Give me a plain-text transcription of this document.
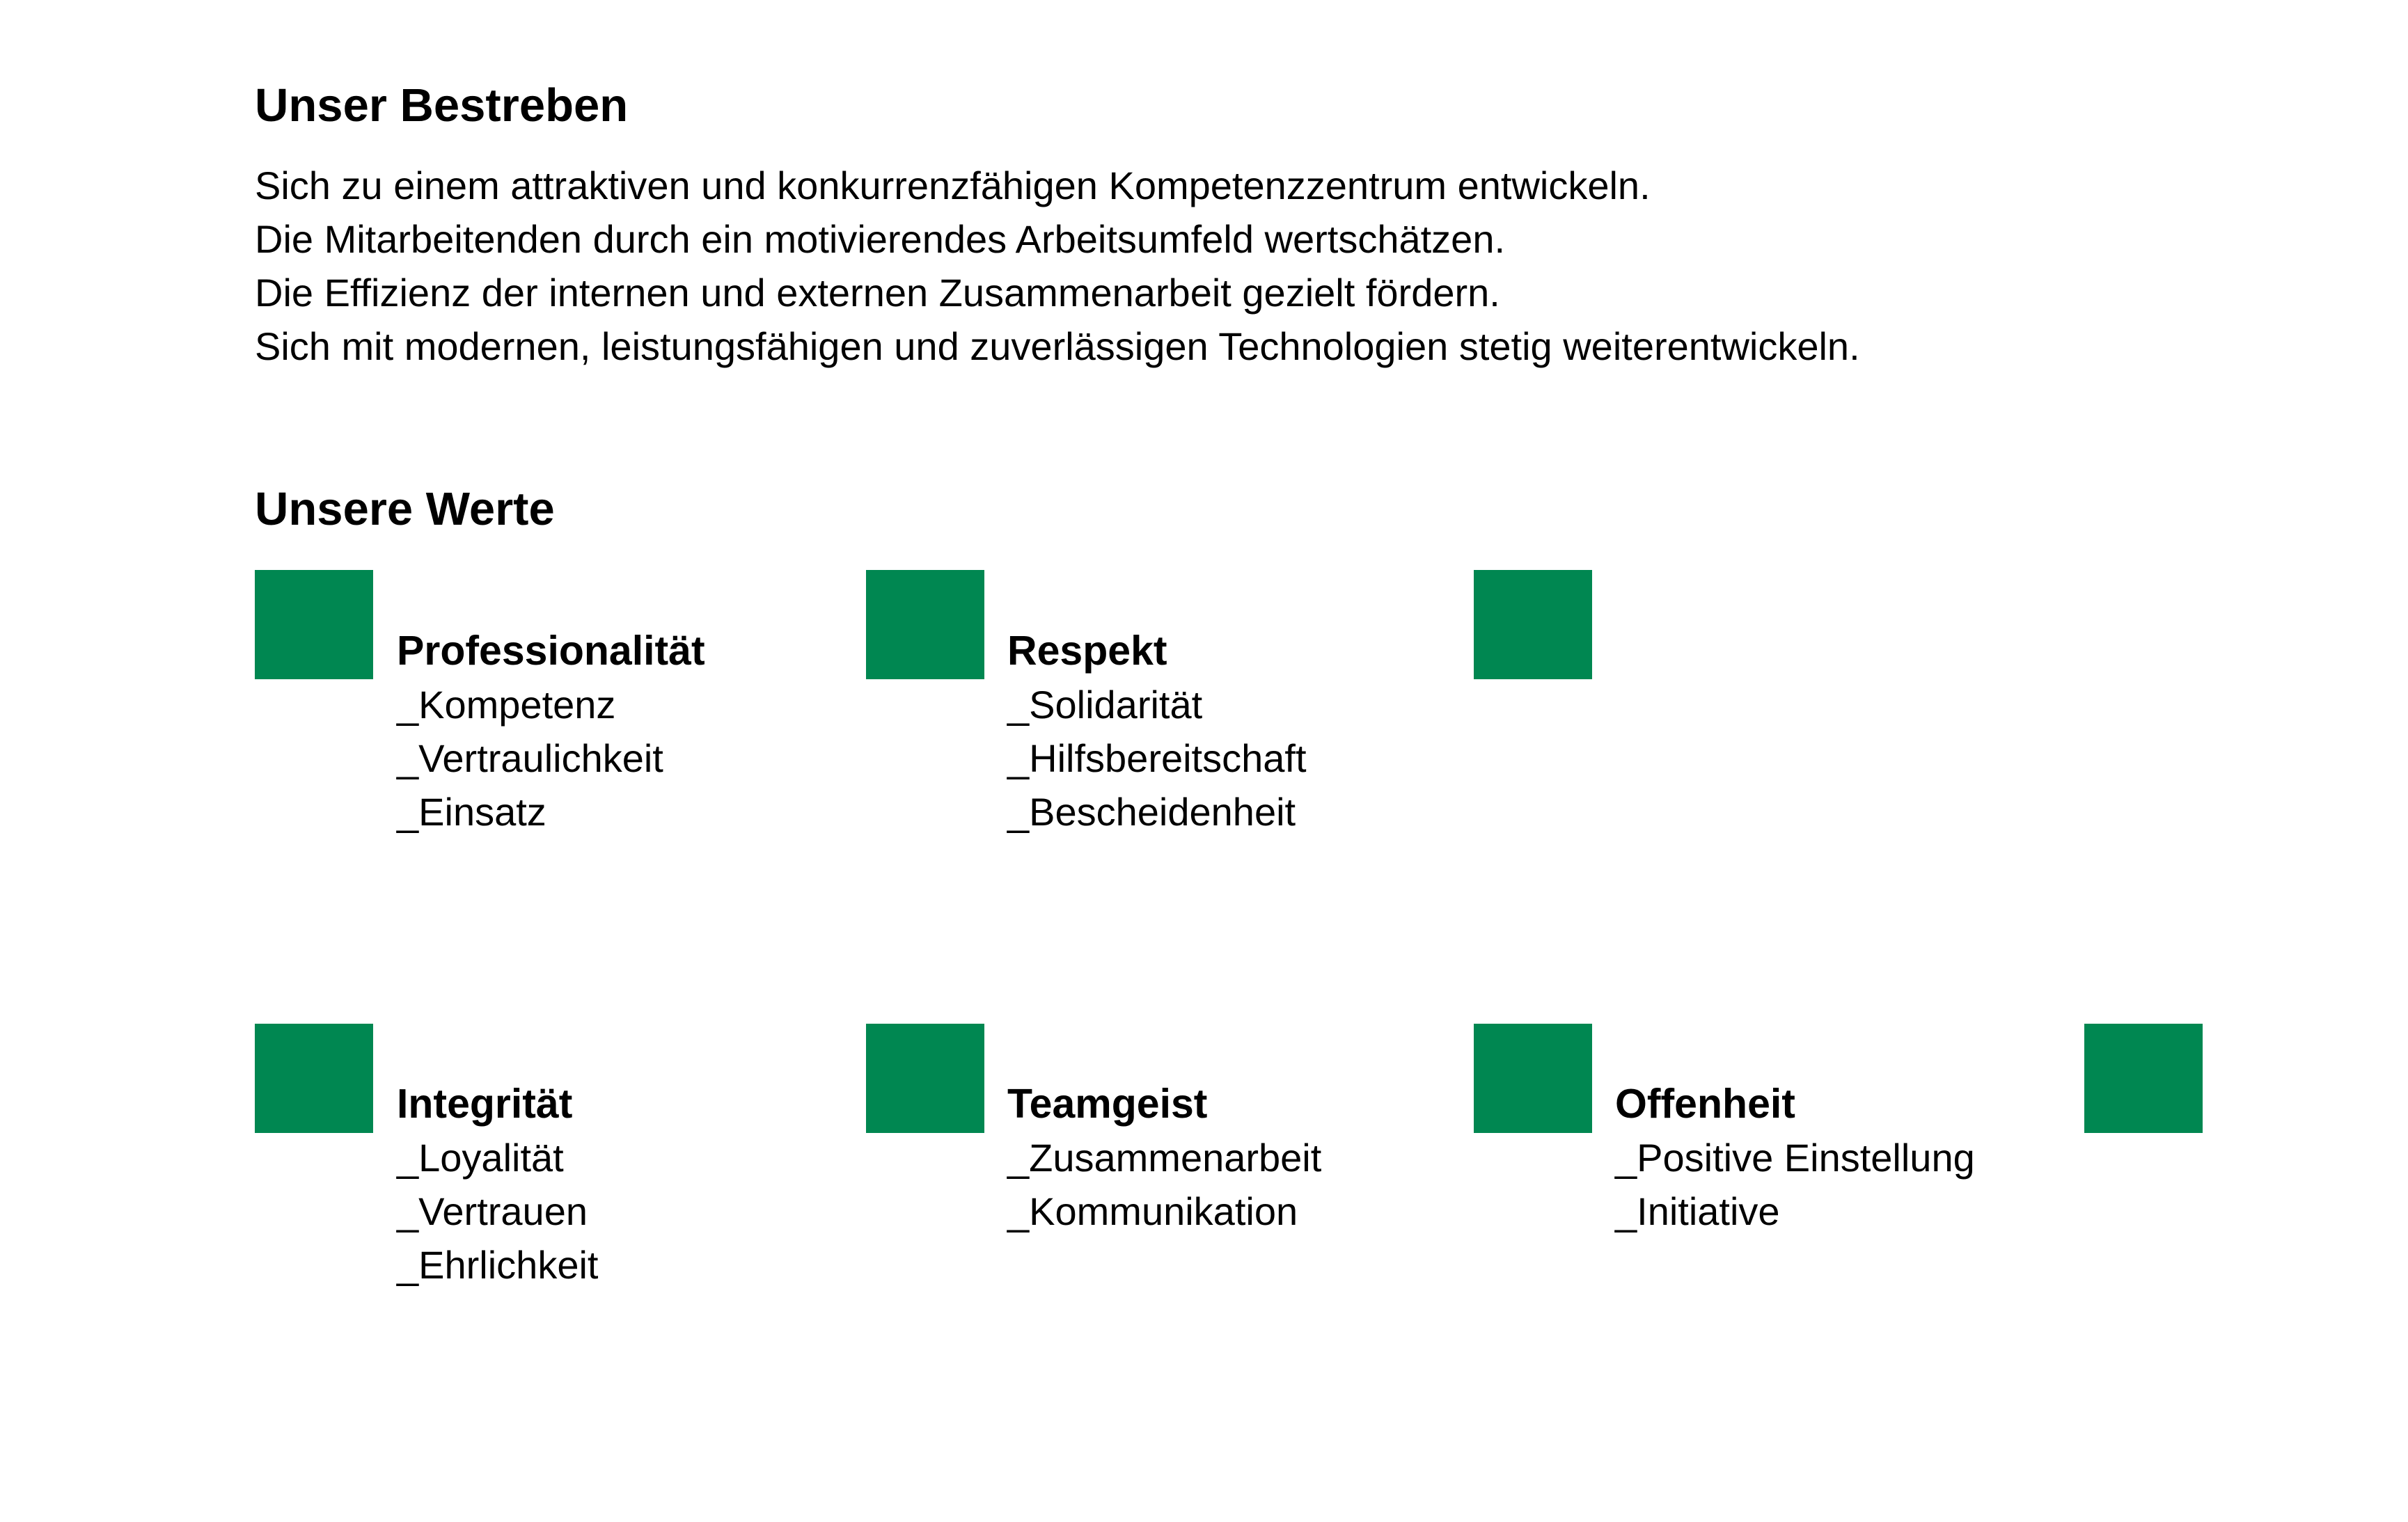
Unser Bestreben
Sich zu einem attraktiven und konkurrenzfähigen Kompetenzzentrum entwickeln.
Die Mitarbeitenden durch ein motivierendes Arbeitsumfeld wertschätzen.
Die Effizienz der internen und externen Zusammenarbeit gezielt fördern.
Sich mit modernen, leistungsfähigen und zuverlässigen Technologien stetig weiterentwickeln.
Unsere Werte
Professionalität
_Kompetenz
_Vertraulichkeit
_Einsatz
Respekt
_Solidarität
_Hilfsbereitschaft
_Bescheidenheit
Integrität
_Loyalität
_Vertrauen
_Ehrlichkeit
Teamgeist
_Zusammenarbeit
_Kommunikation
Offenheit
_Positive Einstellung
_Initiative
